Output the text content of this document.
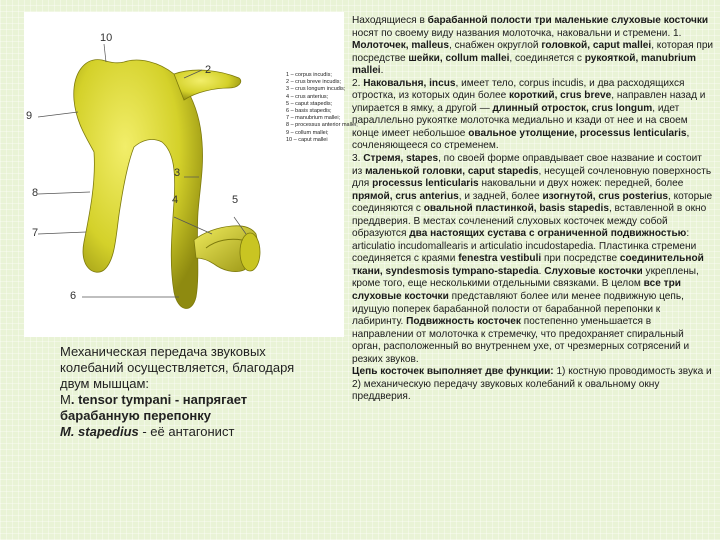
10
2
3
4	5
6
7
8
9
1 – corpus incudis;
2 – crus breve incudis;
3 – crus longum incudis;
4 – crus anterius;
5 – caput stapedis;
6 – basis stapedis;
7 – manubrium mallei;
8 – processus anterior mallei;
9 – collum mallei;
10 – caput mallei
Механическая передача звуковых колебаний осуществляется, благодаря двум мышцам:
M. tensor tympani - напрягает барабанную перепонку
M. stapedius - её антагонист

Находящиеся в барабанной полости три маленькие слуховые косточки носят по своему виду названия молоточка, наковальни и стремени. 1. Молоточек, malleus, снабжен округлой головкой, caput mallei, которая при посредстве шейки, collum mallei, соединяется с рукояткой, manubrium mallei.

2. Наковальня, incus, имеет тело, corpus incudis, и два расходящихся отростка, из которых один более короткий, crus breve, направлен назад и упирается в ямку, а другой — длинный отросток, crus longum, идет параллельно рукоятке молоточка медиально и кзади от нее и на своем конце имеет небольшое овальное утолщение, processus lenticularis, сочленяющееся со стременем.

3. Стремя, stapes, по своей форме оправдывает свое название и состоит из маленькой головки, caput stapedis, несущей сочленовную поверхность для processus lenticularis наковальни и двух ножек: передней, более прямой, crus anterius, и задней, более изогнутой, crus posterius, которые соединяются с овальной пластинкой, basis stapedis, вставленной в окно преддверия. В местах сочленений слуховых косточек между собой образуются два настоящих сустава с ограниченной подвижностью: articulatio incudomallearis и articulatio incudostapedia. Пластинка стремени соединяется с краями fenestra vestibuli при посредстве соединительной ткани, syndesmosis tympano-stapedia. Слуховые косточки укреплены, кроме того, еще несколькими отдельными связками. В целом все три слуховые косточки представляют более или менее подвижную цепь, идущую поперек барабанной полости от барабанной перепонки к лабиринту. Подвижность косточек постепенно уменьшается в направлении от молоточка к стремечку, что предохраняет спиральный орган, расположенный во внутреннем ухе, от чрезмерных сотрясений и резких звуков.

Цепь косточек выполняет две функции: 1) костную проводимость звука и 2) механическую передачу звуковых колебаний к овальному окну преддверия.
